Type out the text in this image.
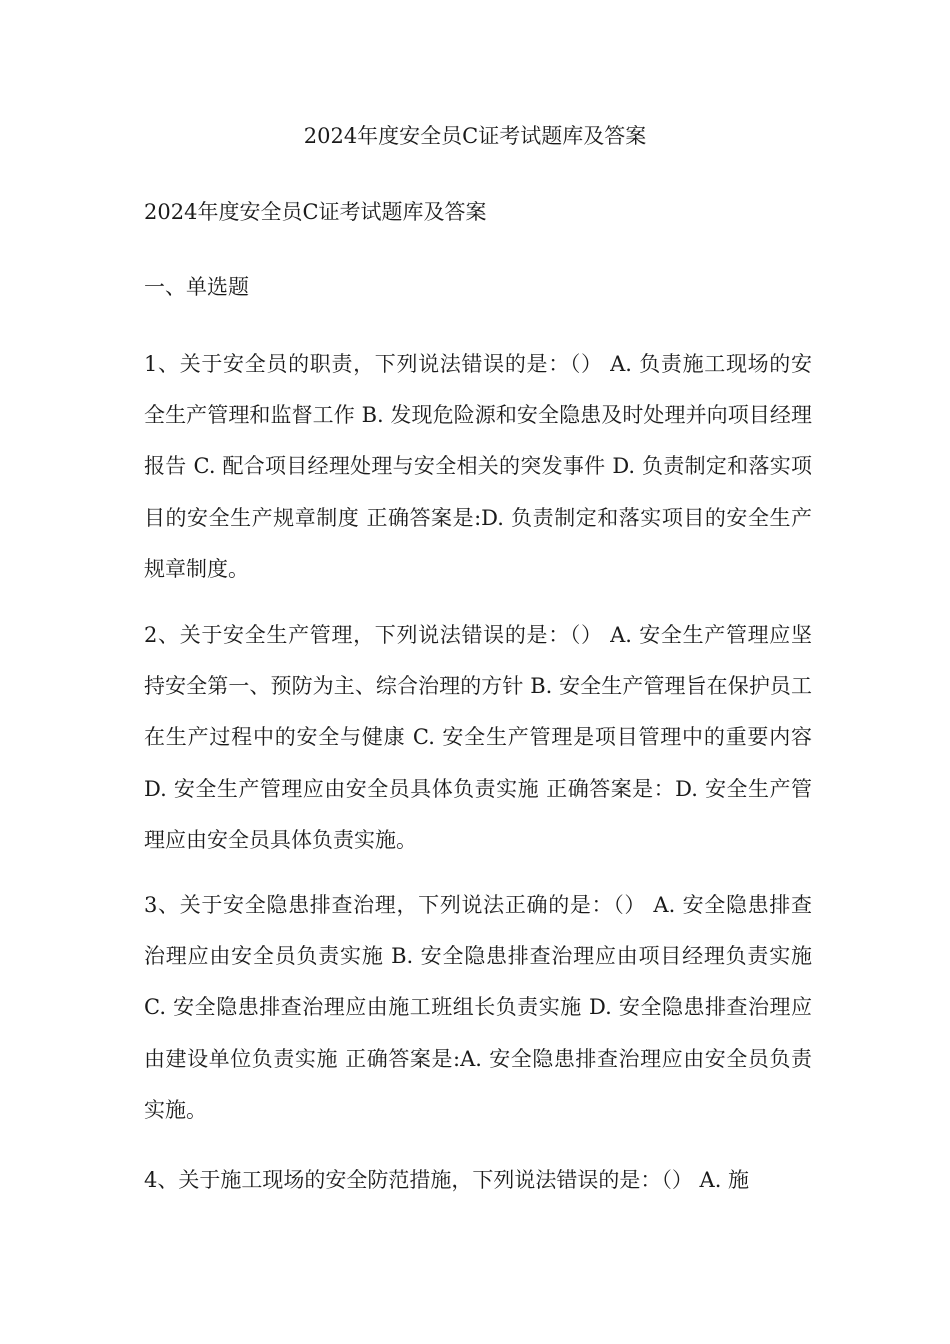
2024年度安全员C证考试题库及答案

2024年度安全员C证考试题库及答案

一、单选题

1、关于安全员的职责，下列说法错误的是：（） A. 负责施工现场的安全生产管理和监督工作 B. 发现危险源和安全隐患及时处理并向项目经理报告 C. 配合项目经理处理与安全相关的突发事件 D. 负责制定和落实项目的安全生产规章制度 正确答案是:D. 负责制定和落实项目的安全生产规章制度。

2、关于安全生产管理，下列说法错误的是：（） A. 安全生产管理应坚持安全第一、预防为主、综合治理的方针 B. 安全生产管理旨在保护员工在生产过程中的安全与健康 C. 安全生产管理是项目管理中的重要内容 D. 安全生产管理应由安全员具体负责实施 正确答案是：D. 安全生产管理应由安全员具体负责实施。

3、关于安全隐患排查治理，下列说法正确的是：（） A. 安全隐患排查治理应由安全员负责实施 B. 安全隐患排查治理应由项目经理负责实施 C. 安全隐患排查治理应由施工班组长负责实施 D. 安全隐患排查治理应由建设单位负责实施 正确答案是:A. 安全隐患排查治理应由安全员负责实施。

4、关于施工现场的安全防范措施，下列说法错误的是：（） A. 施
